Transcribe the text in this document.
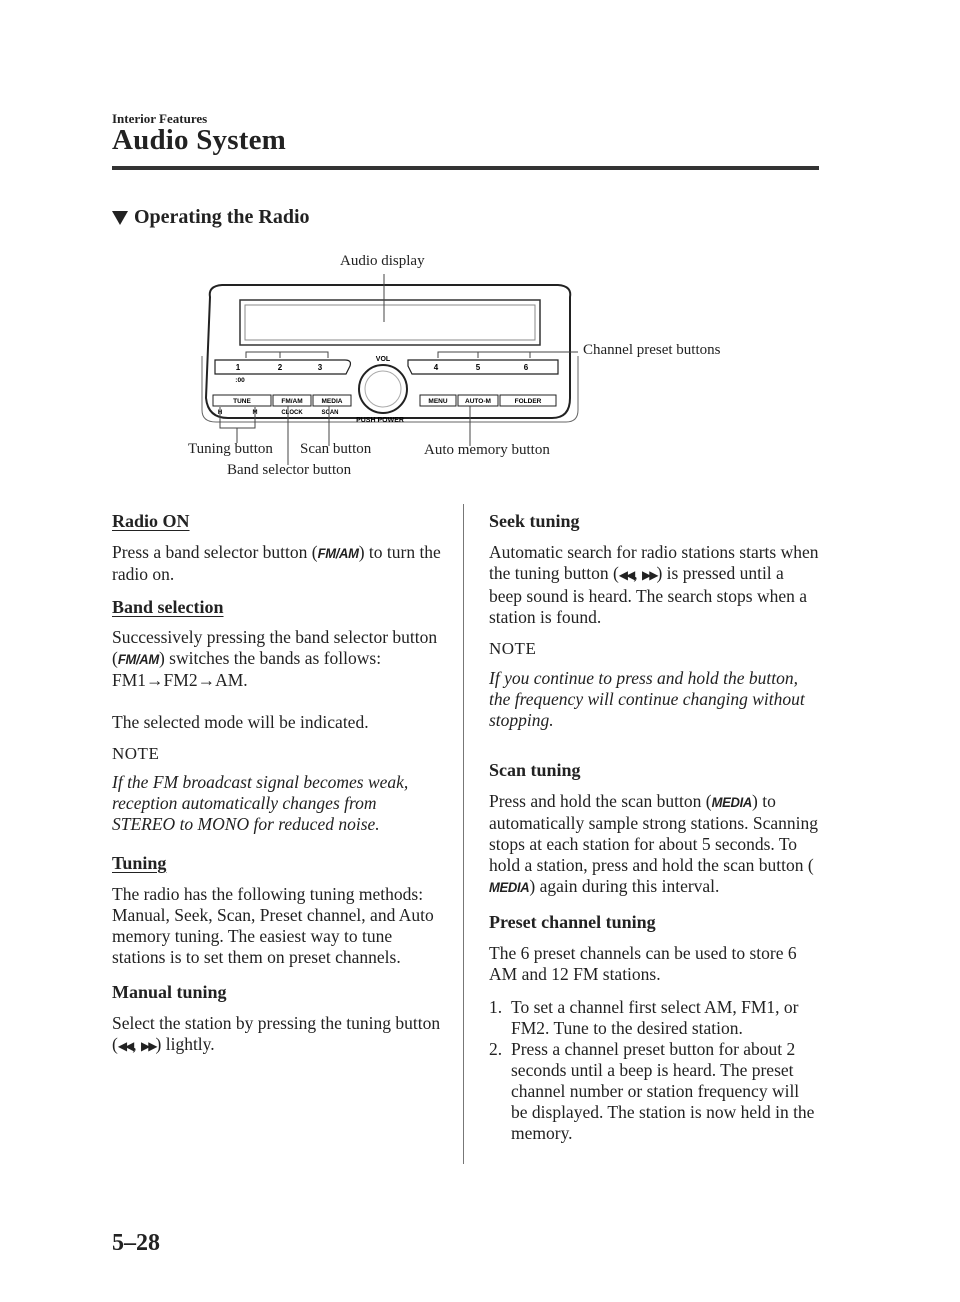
Interior Features
Audio System
Operating the Radio
1	2	3	4	5	6
:00
VOL
PUSH POWER
TUNE	FM/AM	MEDIA
H	M	CLOCK	SCAN
MENU	AUTO-M	FOLDER
Audio display
Channel preset buttons
Tuning button Scan button
Band selector button
Auto memory button

Radio ON

Press a band selector button (FM/AM) to turn the radio on.

Band selection

Successively pressing the band selector button (FM/AM) switches the bands as follows: FM1→FM2→AM.

The selected mode will be indicated.

NOTE

If the FM broadcast signal becomes weak, reception automatically changes from STEREO to MONO for reduced noise.

Tuning

The radio has the following tuning methods: Manual, Seek, Scan, Preset channel, and Auto memory tuning. The easiest way to tune stations is to set them on preset channels.

Manual tuning

Select the station by pressing the tuning button (◀◀, ▶▶) lightly.

Seek tuning

Automatic search for radio stations starts when the tuning button (◀◀, ▶▶) is pressed until a beep sound is heard. The search stops when a station is found.

NOTE

If you continue to press and hold the button, the frequency will continue changing without stopping.

Scan tuning

Press and hold the scan button (MEDIA) to automatically sample strong stations. Scanning stops at each station for about 5 seconds. To hold a station, press and hold the scan button (MEDIA) again during this interval.

Preset channel tuning

The 6 preset channels can be used to store 6 AM and 12 FM stations.

1. To set a channel first select AM, FM1, or FM2. Tune to the desired station.
2. Press a channel preset button for about 2 seconds until a beep is heard. The preset channel number or station frequency will be displayed. The station is now held in the memory.
5–28
